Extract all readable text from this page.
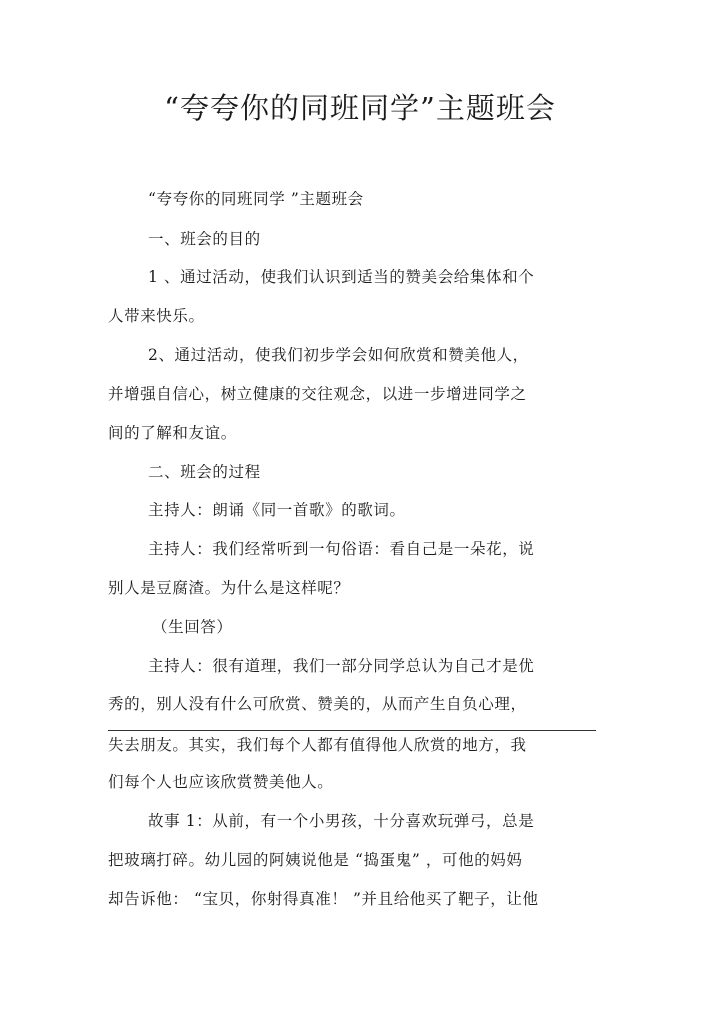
“夸夸你的同班同学”主题班会
“夸夸你的同班同学 ”主题班会
一、班会的目的
1 、通过活动，使我们认识到适当的赞美会给集体和个
人带来快乐。
2、通过活动，使我们初步学会如何欣赏和赞美他人，
并增强自信心，树立健康的交往观念，以进一步增进同学之
间的了解和友谊。
二、班会的过程
主持人：朗诵《同一首歌》的歌词。
主持人：我们经常听到一句俗语：看自己是一朵花，说
别人是豆腐渣。为什么是这样呢？
（生回答）
主持人：很有道理，我们一部分同学总认为自己才是优
秀的，别人没有什么可欣赏、赞美的，从而产生自负心理，
失去朋友。其实，我们每个人都有值得他人欣赏的地方，我
们每个人也应该欣赏赞美他人。
故事 1：从前，有一个小男孩，十分喜欢玩弹弓，总是
把玻璃打碎。幼儿园的阿姨说他是 “捣蛋鬼” ，可他的妈妈
却告诉他： “宝贝，你射得真准！ ”并且给他买了靶子，让他
